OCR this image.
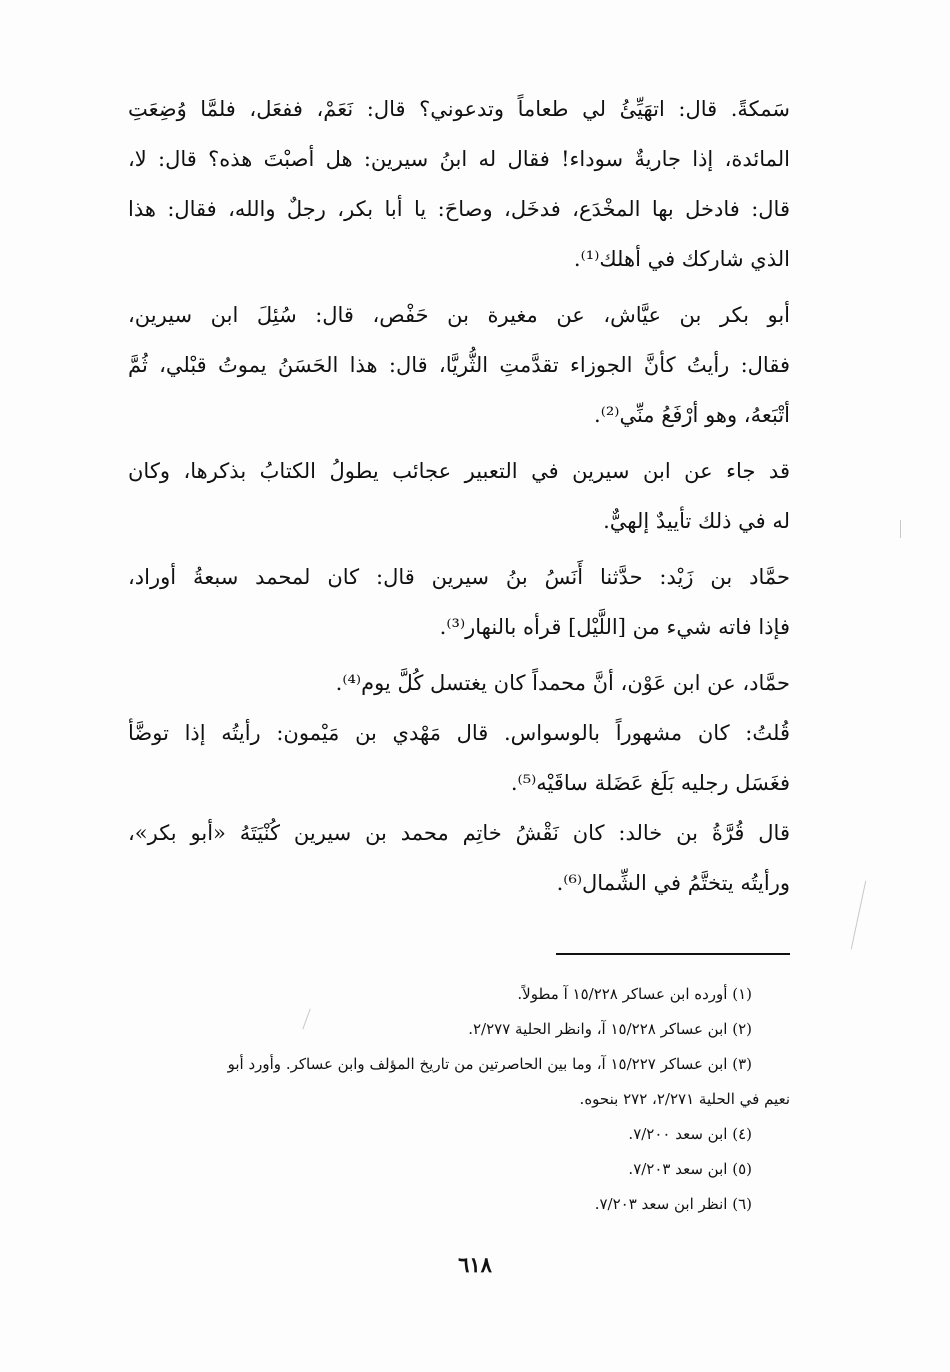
سَمكةً. قال: اتهَيِّئُ لي طعاماً وتدعوني؟ قال: نَعَمْ، ففعَل، فلمَّا وُضِعَتِ
المائدة، إذا جاريةٌ سوداء! فقال له ابنُ سيرين: هل أصبْتَ هذه؟ قال: لا،
قال: فادخل بها المخْدَع، فدخَل، وصاحَ: يا أبا بكر، رجلٌ والله، فقال: هذا
الذي شاركك في أهلك⁽¹⁾.
أبو بكر بن عيَّاش، عن مغيرة بن حَفْص، قال: سُئِلَ ابن سيرين،
فقال: رأيتُ كأنَّ الجوزاء تقدَّمتِ الثُّريَّا، قال: هذا الحَسَنُ يموتُ قبْلي، ثُمَّ
أتْبَعهُ، وهو أرْفَعُ منِّي⁽²⁾.
قد جاء عن ابن سيرين في التعبير عجائب يطولُ الكتابُ بذكرها، وكان
له في ذلك تأييدٌ إلهيٌّ.
حمَّاد بن زَيْد: حدَّثنا أَنَسُ بنُ سيرين قال: كان لمحمد سبعةُ أوراد،
فإذا فاته شيء من [اللَّيْل] قرأه بالنهار⁽³⁾.
حمَّاد، عن ابن عَوْن، أنَّ محمداً كان يغتسل كُلَّ يوم⁽⁴⁾.
قُلتُ: كان مشهوراً بالوسواس. قال مَهْدي بن مَيْمون: رأيتُه إذا توضَّأ
فغَسَل رجليه بَلَغ عَضَلة ساقَيْه⁽⁵⁾.
قال قُرَّةُ بن خالد: كان نَقْشُ خاتِم محمد بن سيرين كُنْيَتَهُ «أبو بكر»،
ورأيتُه يتختَّمُ في الشِّمال⁽⁶⁾.
(١) أورده ابن عساكر ١٥/٢٢٨ آ مطولاً.
(٢) ابن عساكر ١٥/٢٢٨ آ، وانظر الحلية ٢/٢٧٧.
(٣) ابن عساكر ١٥/٢٢٧ آ، وما بين الحاصرتين من تاريخ المؤلف وابن عساكر. وأورد أبو
نعيم في الحلية ٢/٢٧١، ٢٧٢ بنحوه.
(٤) ابن سعد ٧/٢٠٠.
(٥) ابن سعد ٧/٢٠٣.
(٦) انظر ابن سعد ٧/٢٠٣.
٦١٨
